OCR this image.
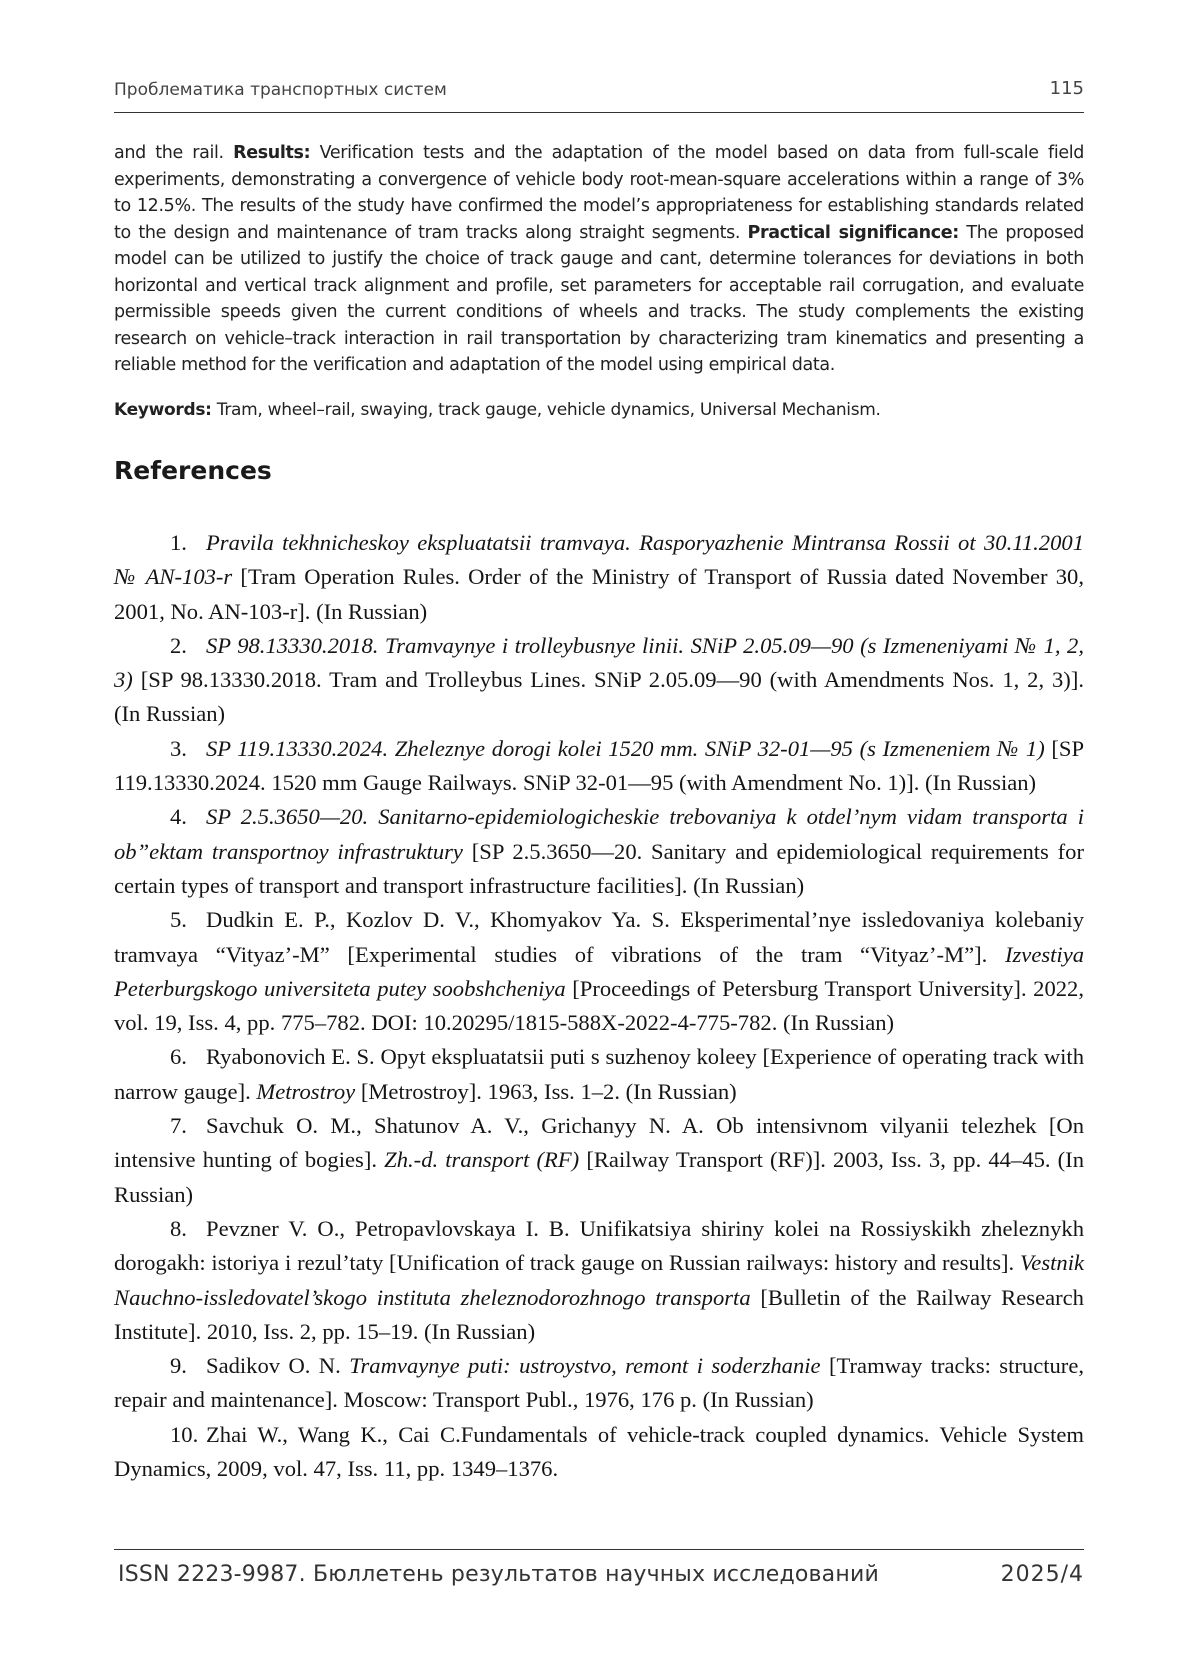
Проблематика транспортных систем	115
and the rail. Results: Verification tests and the adaptation of the model based on data from full-scale field experiments, demonstrating a convergence of vehicle body root-mean-square accelerations within a range of 3% to 12.5%. The results of the study have confirmed the model’s appropriateness for establishing standards related to the design and maintenance of tram tracks along straight segments. Practical significance: The proposed model can be utilized to justify the choice of track gauge and cant, determine tolerances for deviations in both horizontal and vertical track alignment and profile, set parameters for acceptable rail corrugation, and evaluate permissible speeds given the current conditions of wheels and tracks. The study complements the existing research on vehicle–track interaction in rail transportation by characterizing tram kinematics and presenting a reliable method for the verification and adaptation of the model using empirical data.
Keywords: Tram, wheel–rail, swaying, track gauge, vehicle dynamics, Universal Mechanism.
References

1. Pravila tekhnicheskoy ekspluatatsii tramvaya. Rasporyazhenie Mintransa Rossii ot 30.11.2001 № AN-103-r [Tram Operation Rules. Order of the Ministry of Transport of Russia dated November 30, 2001, No. AN-103-r]. (In Russian)

2. SP 98.13330.2018. Tramvaynye i trolleybusnye linii. SNiP 2.05.09—90 (s Izmeneniyami № 1, 2, 3) [SP 98.13330.2018. Tram and Trolleybus Lines. SNiP 2.05.09—90 (with Amendments Nos. 1, 2, 3)]. (In Russian)

3. SP 119.13330.2024. Zheleznye dorogi kolei 1520 mm. SNiP 32-01—95 (s Izmeneniem № 1) [SP 119.13330.2024. 1520 mm Gauge Railways. SNiP 32-01—95 (with Amendment No. 1)]. (In Russian)

4. SP 2.5.3650—20. Sanitarno-epidemiologicheskie trebovaniya k otdel’nym vidam transporta i ob”ektam transportnoy infrastruktury [SP 2.5.3650—20. Sanitary and epidemiological requirements for certain types of transport and transport infrastructure facilities]. (In Russian)

5. Dudkin E. P., Kozlov D. V., Khomyakov Ya. S. Eksperimental’nye issledovaniya kolebaniy tramvaya “Vityaz’-M” [Experimental studies of vibrations of the tram “Vityaz’-M”]. Izvestiya Peterburgskogo universiteta putey soobshcheniya [Proceedings of Petersburg Transport University]. 2022, vol. 19, Iss. 4, pp. 775–782. DOI: 10.20295/1815-588X-2022-4-775-782. (In Russian)

6. Ryabonovich E. S. Opyt ekspluatatsii puti s suzhenoy koleey [Experience of operating track with narrow gauge]. Metrostroy [Metrostroy]. 1963, Iss. 1–2. (In Russian)

7. Savchuk O. M., Shatunov A. V., Grichanyy N. A. Ob intensivnom vilyanii telezhek [On intensive hunting of bogies]. Zh.-d. transport (RF) [Railway Transport (RF)]. 2003, Iss. 3, pp. 44–45. (In Russian)

8. Pevzner V. O., Petropavlovskaya I. B. Unifikatsiya shiriny kolei na Rossiyskikh zheleznykh dorogakh: istoriya i rezul’taty [Unification of track gauge on Russian railways: history and results]. Vestnik Nauchno-issledovatel’skogo instituta zheleznodorozhnogo transporta [Bulletin of the Railway Research Institute]. 2010, Iss. 2, pp. 15–19. (In Russian)

9. Sadikov O. N. Tramvaynye puti: ustroystvo, remont i soderzhanie [Tramway tracks: structure, repair and maintenance]. Moscow: Transport Publ., 1976, 176 p. (In Russian)

10. Zhai W., Wang K., Cai C.Fundamentals of vehicle-track coupled dynamics. Vehicle System Dynamics, 2009, vol. 47, Iss. 11, pp. 1349–1376.

ISSN 2223-9987. Бюллетень результатов научных исследований	2025/4
